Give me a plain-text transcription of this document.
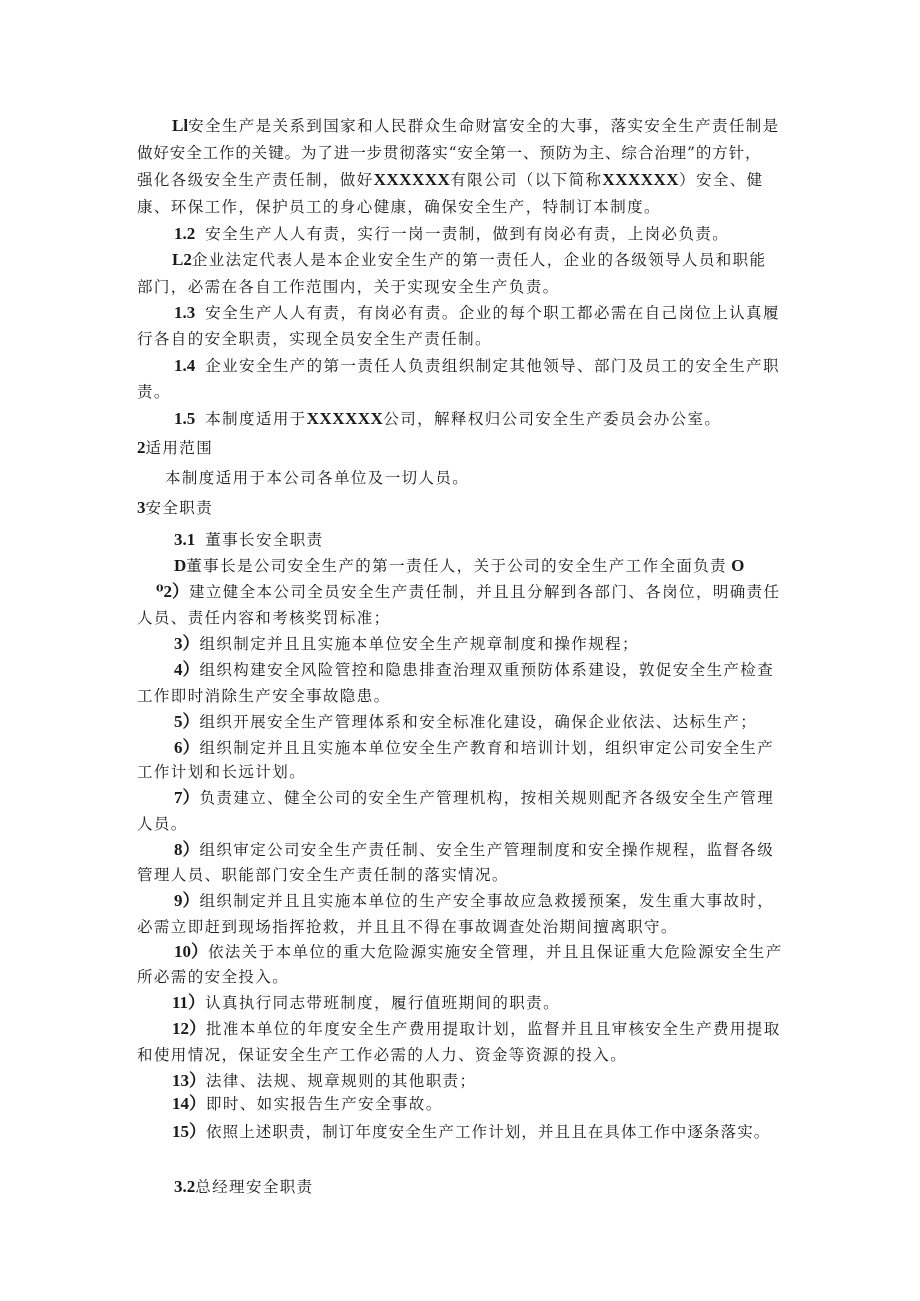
Ll安全生产是关系到国家和人民群众生命财富安全的大事，落实安全生产责任制是
做好安全工作的关键。为了进一步贯彻落实“安全第一、预防为主、综合治理”的方针，
强化各级安全生产责任制，做好XXXXXX有限公司（以下简称XXXXXX）安全、健
康、环保工作，保护员工的身心健康，确保安全生产，特制订本制度。
1.2 安全生产人人有责，实行一岗一责制，做到有岗必有责，上岗必负责。
L2企业法定代表人是本企业安全生产的第一责任人，企业的各级领导人员和职能
部门，必需在各自工作范围内，关于实现安全生产负责。
1.3 安全生产人人有责，有岗必有责。企业的每个职工都必需在自己岗位上认真履
行各自的安全职责，实现全员安全生产责任制。
1.4 企业安全生产的第一责任人负责组织制定其他领导、部门及员工的安全生产职
责。
1.5 本制度适用于XXXXXX公司，解释权归公司安全生产委员会办公室。
2适用范围
本制度适用于本公司各单位及一切人员。
3安全职责
3.1 董事长安全职责
D董事长是公司安全生产的第一责任人，关于公司的安全生产工作全面负责 O
⁰2）建立健全本公司全员安全生产责任制，并且且分解到各部门、各岗位，明确责任
人员、责任内容和考核奖罚标准；
3）组织制定并且且实施本单位安全生产规章制度和操作规程；
4）组织构建安全风险管控和隐患排查治理双重预防体系建设，敦促安全生产检查
工作即时消除生产安全事故隐患。
5）组织开展安全生产管理体系和安全标准化建设，确保企业依法、达标生产；
6）组织制定并且且实施本单位安全生产教育和培训计划，组织审定公司安全生产
工作计划和长远计划。
7）负责建立、健全公司的安全生产管理机构，按相关规则配齐各级安全生产管理
人员。
8）组织审定公司安全生产责任制、安全生产管理制度和安全操作规程，监督各级
管理人员、职能部门安全生产责任制的落实情况。
9）组织制定并且且实施本单位的生产安全事故应急救援预案，发生重大事故时，
必需立即赶到现场指挥抢救，并且且不得在事故调查处治期间擅离职守。
10）依法关于本单位的重大危险源实施安全管理，并且且保证重大危险源安全生产
所必需的安全投入。
11）认真执行同志带班制度，履行值班期间的职责。
12）批准本单位的年度安全生产费用提取计划，监督并且且审核安全生产费用提取
和使用情况，保证安全生产工作必需的人力、资金等资源的投入。
13）法律、法规、规章规则的其他职责；
14）即时、如实报告生产安全事故。
15）依照上述职责，制订年度安全生产工作计划，并且且在具体工作中逐条落实。
3.2总经理安全职责
